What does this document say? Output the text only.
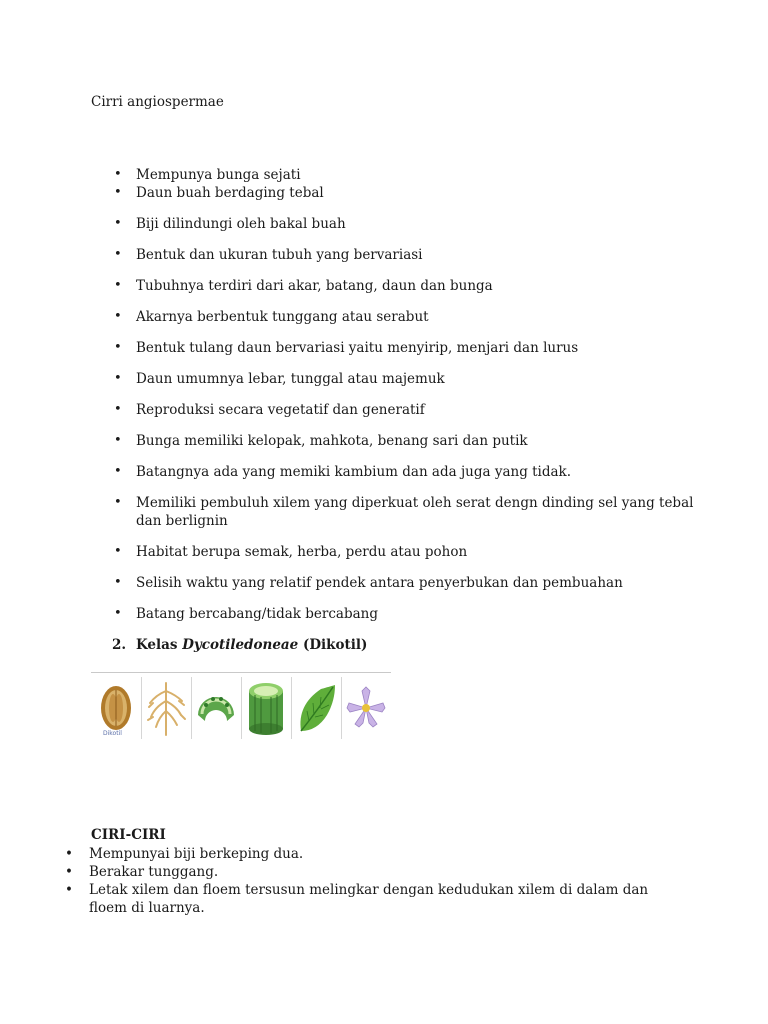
Cirri angiospermae
• Mempunya bunga sejati
• Daun buah berdaging tebal
• Biji dilindungi oleh bakal buah
• Bentuk dan ukuran tubuh yang bervariasi
• Tubuhnya terdiri dari akar, batang, daun dan bunga
• Akarnya berbentuk tunggang atau serabut
• Bentuk tulang daun bervariasi yaitu menyirip, menjari dan lurus
• Daun umumnya lebar, tunggal atau majemuk
• Reproduksi secara vegetatif dan generatif
• Bunga memiliki kelopak, mahkota, benang sari dan putik
• Batangnya ada yang memiki kambium dan ada juga yang tidak.
• Memiliki pembuluh xilem yang diperkuat oleh serat dengn dinding sel yang tebal dan berlignin
• Habitat berupa semak, herba, perdu atau pohon
• Selisih waktu yang relatif pendek antara penyerbukan dan pembuahan
• Batang bercabang/tidak bercabang
2. Kelas Dycotiledoneae (Dikotil)
Dikotil
CIRI-CIRI
• Mempunyai biji berkeping dua.
• Berakar tunggang.
• Letak xilem dan floem tersusun melingkar dengan kedudukan xilem di dalam dan floem di luarnya.
